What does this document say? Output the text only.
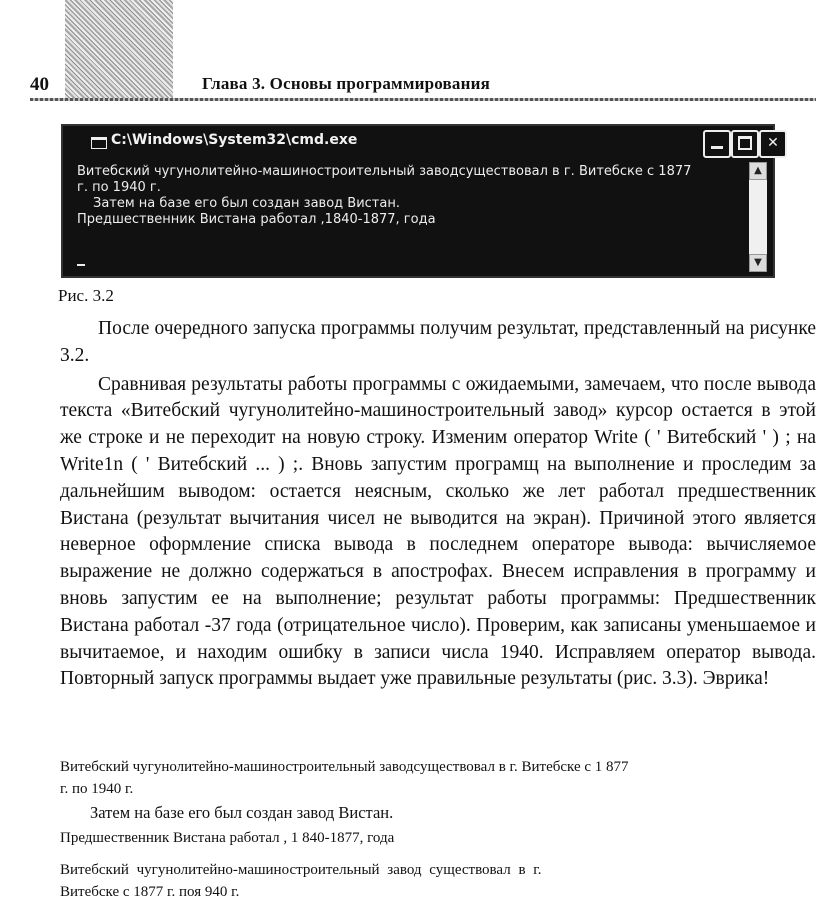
40	Глава 3. Основы программирования
C:\Windows\System32\cmd.exe	✕
Витебский чугунолитейно-машиностроительный заводсуществовал в г. Витебске с 1877
г. по 1940 г.
Затем на базе его был создан завод Вистан.
Предшественник Вистана работал ,1840-1877, года
▲
▼
Рис. 3.2

После очередного запуска программы получим результат, представленный на рисунке 3.2.

Сравнивая результаты работы программы с ожидаемыми, замечаем, что после вывода текста «Витебский чугунолитейно-машиностроительный завод» курсор остается в этой же строке и не переходит на новую строку. Изменим оператор Write ( ' Витебский ' ) ; на Write1n ( ' Витебский ... ) ;. Вновь запустим програмщ на выполнение и проследим за дальнейшим выводом: остается неясным, сколько же лет работал предшественник Вистана (результат вычитания чисел не выводится на экран). Причиной этого является неверное оформление списка вывода в последнем операторе вывода: вычисляемое выражение не должно содержаться в апострофах. Внесем исправления в программу и вновь запустим ее на выполнение; результат работы программы: Предшественник Вистана работал -37 года (отрицательное число). Проверим, как записаны уменьшаемое и вычитаемое, и находим ошибку в записи числа 1940. Исправляем оператор вывода. Повторный запуск программы выдает уже правильные результаты (рис. 3.3). Эврика!

Витебский чугунолитейно-машиностроительный заводсуществовал в г. Витебске с 1 877
г. по 1940 г.
Затем на базе его был создан завод Вистан.
Предшественник Вистана работал , 1 840-1877, года
Витебский чугунолитейно-машиностроительный завод существовал в г.
Витебске с 1877 г. поя 940 г.
